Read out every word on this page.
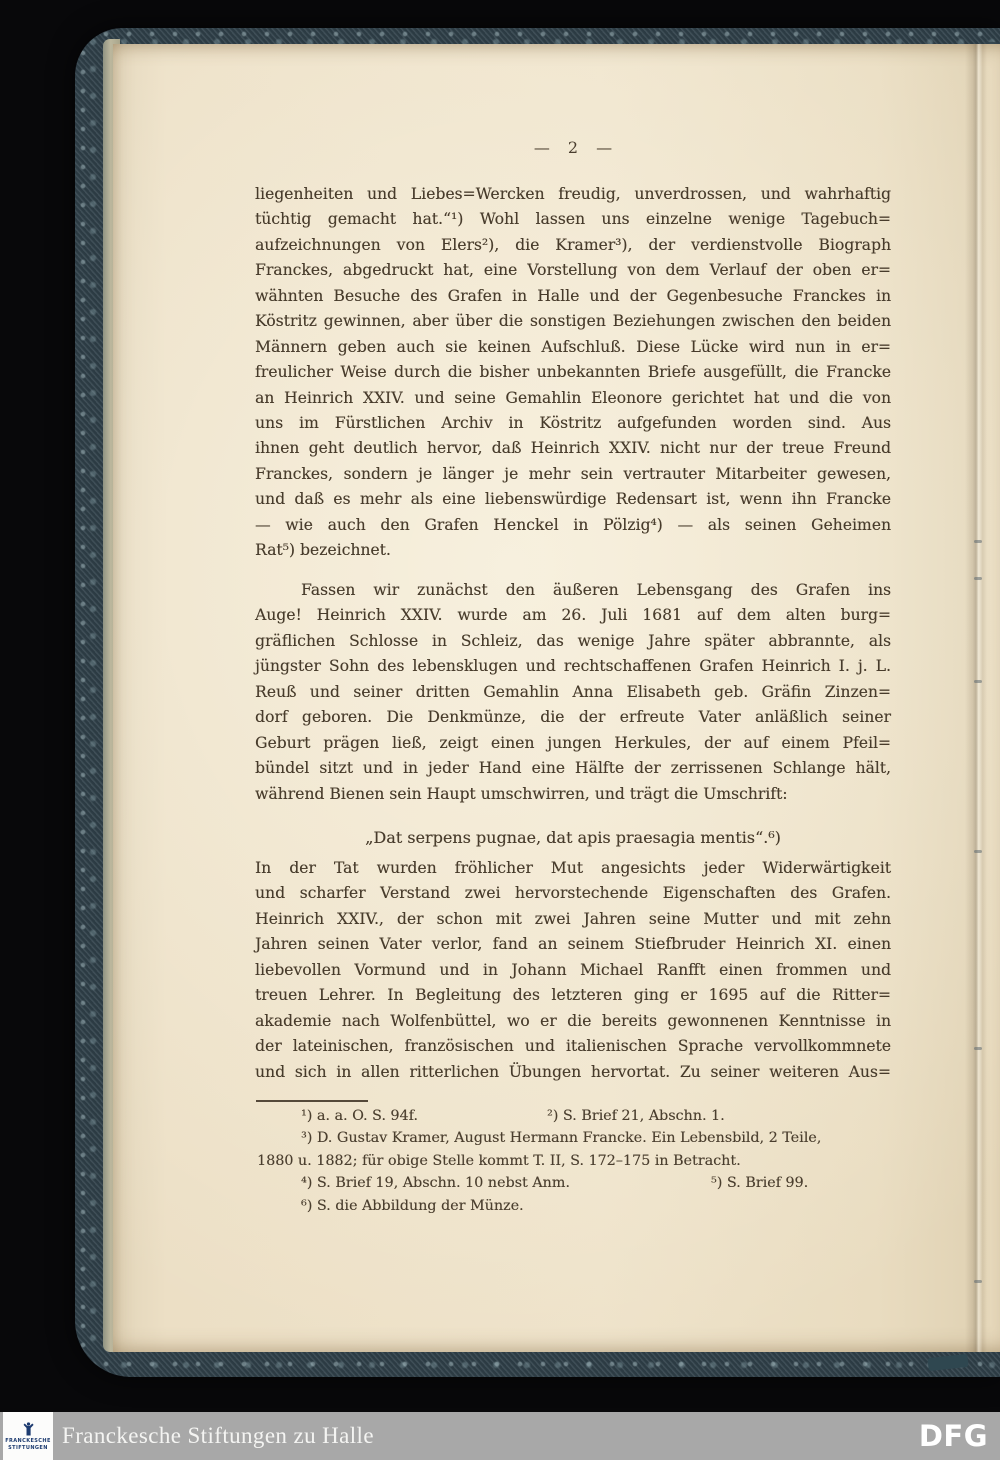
— 2 —
liegenheiten und Liebes=Wercken freudig, unverdrossen, und wahrhaftig
tüchtig gemacht hat.“¹) Wohl lassen uns einzelne wenige Tagebuch=
aufzeichnungen von Elers²), die Kramer³), der verdienstvolle Biograph
Franckes, abgedruckt hat, eine Vorstellung von dem Verlauf der oben er=
wähnten Besuche des Grafen in Halle und der Gegenbesuche Franckes in
Köstritz gewinnen, aber über die sonstigen Beziehungen zwischen den beiden
Männern geben auch sie keinen Aufschluß. Diese Lücke wird nun in er=
freulicher Weise durch die bisher unbekannten Briefe ausgefüllt, die Francke
an Heinrich XXIV. und seine Gemahlin Eleonore gerichtet hat und die von
uns im Fürstlichen Archiv in Köstritz aufgefunden worden sind. Aus
ihnen geht deutlich hervor, daß Heinrich XXIV. nicht nur der treue Freund
Franckes, sondern je länger je mehr sein vertrauter Mitarbeiter gewesen,
und daß es mehr als eine liebenswürdige Redensart ist, wenn ihn Francke
— wie auch den Grafen Henckel in Pölzig⁴) — als seinen Geheimen
Rat⁵) bezeichnet.
Fassen wir zunächst den äußeren Lebensgang des Grafen ins
Auge! Heinrich XXIV. wurde am 26. Juli 1681 auf dem alten burg=
gräflichen Schlosse in Schleiz, das wenige Jahre später abbrannte, als
jüngster Sohn des lebensklugen und rechtschaffenen Grafen Heinrich I. j. L.
Reuß und seiner dritten Gemahlin Anna Elisabeth geb. Gräfin Zinzen=
dorf geboren. Die Denkmünze, die der erfreute Vater anläßlich seiner
Geburt prägen ließ, zeigt einen jungen Herkules, der auf einem Pfeil=
bündel sitzt und in jeder Hand eine Hälfte der zerrissenen Schlange hält,
während Bienen sein Haupt umschwirren, und trägt die Umschrift:
„Dat serpens pugnae, dat apis praesagia mentis“.⁶)
In der Tat wurden fröhlicher Mut angesichts jeder Widerwärtigkeit
und scharfer Verstand zwei hervorstechende Eigenschaften des Grafen.
Heinrich XXIV., der schon mit zwei Jahren seine Mutter und mit zehn
Jahren seinen Vater verlor, fand an seinem Stiefbruder Heinrich XI. einen
liebevollen Vormund und in Johann Michael Ranfft einen frommen und
treuen Lehrer. In Begleitung des letzteren ging er 1695 auf die Ritter=
akademie nach Wolfenbüttel, wo er die bereits gewonnenen Kenntnisse in
der lateinischen, französischen und italienischen Sprache vervollkommnete
und sich in allen ritterlichen Übungen hervortat. Zu seiner weiteren Aus=
¹) a. a. O. S. 94f.	²) S. Brief 21, Abschn. 1.
³) D. Gustav Kramer, August Hermann Francke. Ein Lebensbild, 2 Teile,
1880 u. 1882; für obige Stelle kommt T. II, S. 172–175 in Betracht.
⁴) S. Brief 19, Abschn. 10 nebst Anm.	⁵) S. Brief 99.
⁶) S. die Abbildung der Münze.
FRANCKESCHE
STIFTUNGEN Franckesche Stiftungen zu Halle	DFG
